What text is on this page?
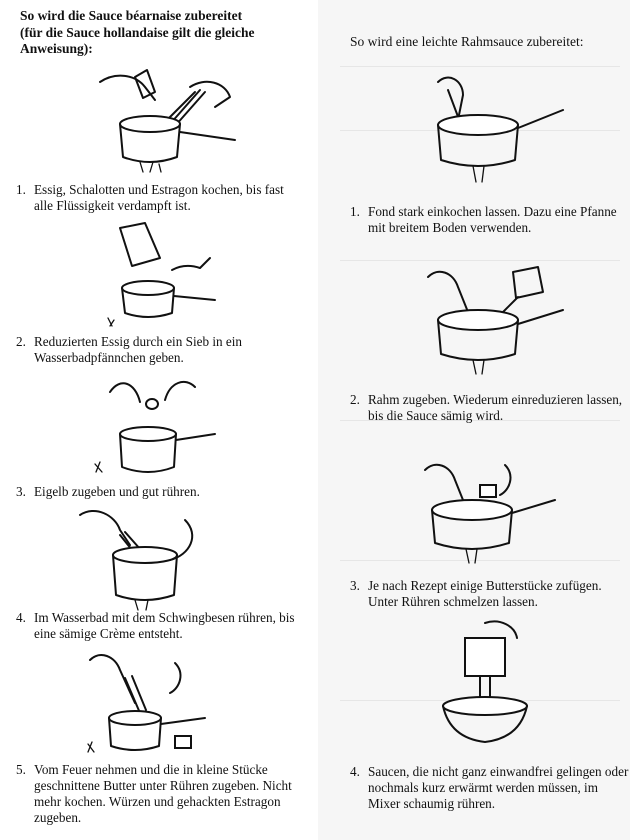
So wird die Sauce béarnaise zubereitet
(für die Sauce hollandaise gilt die gleiche Anweisung):
1. Essig, Schalotten und Estragon kochen, bis fast alle Flüssigkeit verdampft ist.
2. Reduzierten Essig durch ein Sieb in ein Wasserbadpfännchen geben.
3. Eigelb zugeben und gut rühren.
4. Im Wasserbad mit dem Schwingbesen rühren, bis eine sämige Crème entsteht.
5. Vom Feuer nehmen und die in kleine Stücke geschnittene Butter unter Rühren zugeben. Nicht mehr kochen. Würzen und gehackten Estragon zugeben.
So wird eine leichte Rahmsauce zubereitet:
1. Fond stark einkochen lassen. Dazu eine Pfanne mit breitem Boden verwenden.
2. Rahm zugeben. Wiederum einreduzieren lassen, bis die Sauce sämig wird.
3. Je nach Rezept einige Butterstücke zufügen. Unter Rühren schmelzen lassen.
4. Saucen, die nicht ganz einwandfrei gelingen oder nochmals kurz erwärmt werden müssen, im Mixer schaumig rühren.
